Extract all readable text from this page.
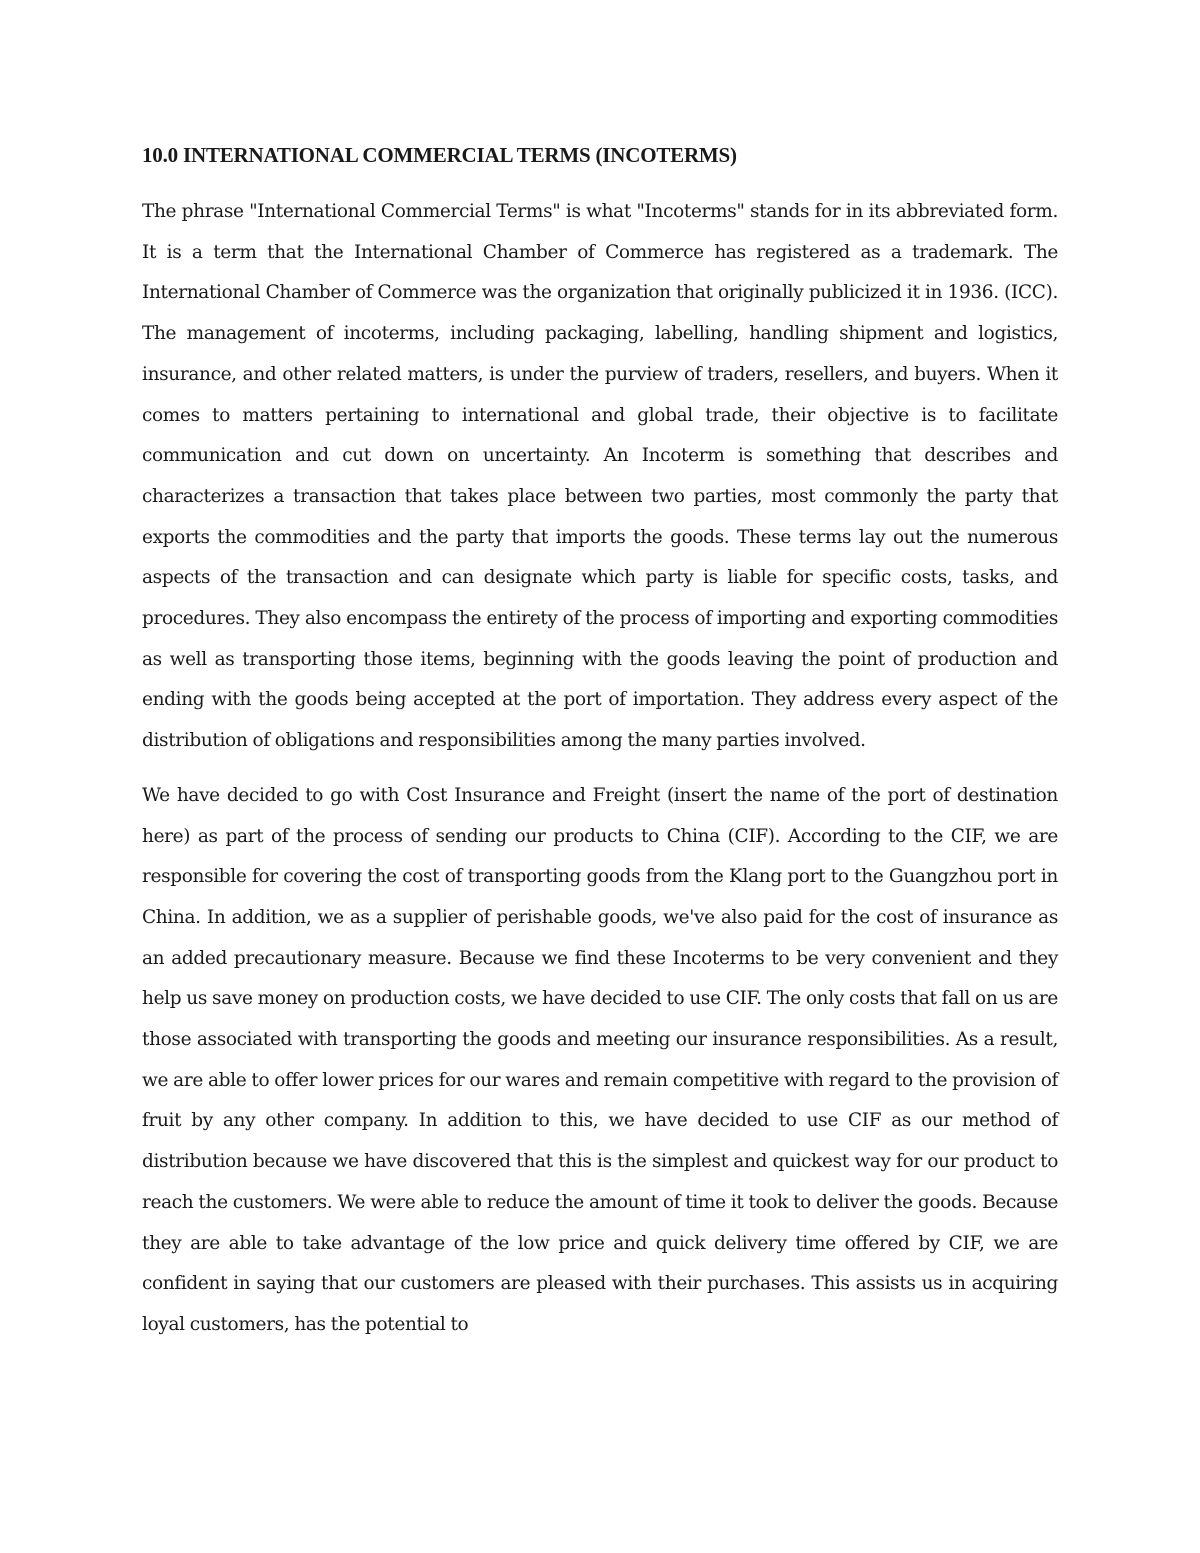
10.0 INTERNATIONAL COMMERCIAL TERMS (INCOTERMS)

The phrase "International Commercial Terms" is what "Incoterms" stands for in its abbreviated form. It is a term that the International Chamber of Commerce has registered as a trademark. The International Chamber of Commerce was the organization that originally publicized it in 1936. (ICC). The management of incoterms, including packaging, labelling, handling shipment and logistics, insurance, and other related matters, is under the purview of traders, resellers, and buyers. When it comes to matters pertaining to international and global trade, their objective is to facilitate communication and cut down on uncertainty. An Incoterm is something that describes and characterizes a transaction that takes place between two parties, most commonly the party that exports the commodities and the party that imports the goods. These terms lay out the numerous aspects of the transaction and can designate which party is liable for specific costs, tasks, and procedures. They also encompass the entirety of the process of importing and exporting commodities as well as transporting those items, beginning with the goods leaving the point of production and ending with the goods being accepted at the port of importation. They address every aspect of the distribution of obligations and responsibilities among the many parties involved.

We have decided to go with Cost Insurance and Freight (insert the name of the port of destination here) as part of the process of sending our products to China (CIF). According to the CIF, we are responsible for covering the cost of transporting goods from the Klang port to the Guangzhou port in China. In addition, we as a supplier of perishable goods, we've also paid for the cost of insurance as an added precautionary measure. Because we find these Incoterms to be very convenient and they help us save money on production costs, we have decided to use CIF. The only costs that fall on us are those associated with transporting the goods and meeting our insurance responsibilities. As a result, we are able to offer lower prices for our wares and remain competitive with regard to the provision of fruit by any other company. In addition to this, we have decided to use CIF as our method of distribution because we have discovered that this is the simplest and quickest way for our product to reach the customers. We were able to reduce the amount of time it took to deliver the goods. Because they are able to take advantage of the low price and quick delivery time offered by CIF, we are confident in saying that our customers are pleased with their purchases. This assists us in acquiring loyal customers, has the potential to
